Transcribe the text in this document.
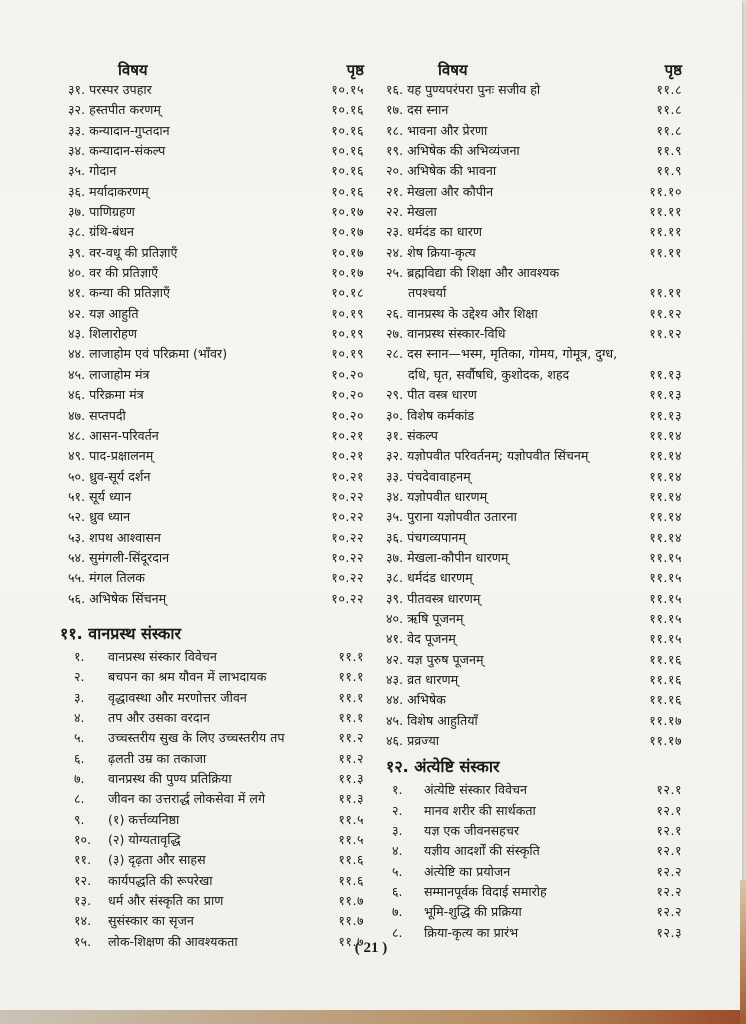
विषय	पृष्ठ
३१. परस्पर उपहार	१०.१५
३२. हस्तपीत करणम्	१०.१६
३३. कन्यादान-गुप्तदान	१०.१६
३४. कन्यादान-संकल्प	१०.१६
३५. गोदान	१०.१६
३६. मर्यादाकरणम्	१०.१६
३७. पाणिग्रहण	१०.१७
३८. ग्रंथि-बंधन	१०.१७
३९. वर-वधू की प्रतिज्ञाएँ	१०.१७
४०. वर की प्रतिज्ञाएँ	१०.१७
४१. कन्या की प्रतिज्ञाएँ	१०.१८
४२. यज्ञ आहुति	१०.१९
४३. शिलारोहण	१०.१९
४४. लाजाहोम एवं परिक्रमा (भाँवर)	१०.१९
४५. लाजाहोम मंत्र	१०.२०
४६. परिक्रमा मंत्र	१०.२०
४७. सप्तपदी	१०.२०
४८. आसन-परिवर्तन	१०.२१
४९. पाद-प्रक्षालनम्	१०.२१
५०. ध्रुव-सूर्य दर्शन	१०.२१
५१. सूर्य ध्यान	१०.२२
५२. ध्रुव ध्यान	१०.२२
५३. शपथ आश्वासन	१०.२२
५४. सुमंगली-सिंदूरदान	१०.२२
५५. मंगल तिलक	१०.२२
५६. अभिषेक सिंचनम्	१०.२२
११. वानप्रस्थ संस्कार
१. वानप्रस्थ संस्कार विवेचन	११.१
२. बचपन का श्रम यौवन में लाभदायक	११.१
३. वृद्धावस्था और मरणोत्तर जीवन	११.१
४. तप और उसका वरदान	११.१
५. उच्चस्तरीय सुख के लिए उच्चस्तरीय तप	११.२
६. ढ़लती उम्र का तकाजा	११.२
७. वानप्रस्थ की पुण्य प्रतिक्रिया	११.३
८. जीवन का उत्तरार्द्ध लोकसेवा में लगे	११.३
९. (१) कर्त्तव्यनिष्ठा	११.५
१०. (२) योग्यतावृद्धि	११.५
११. (३) दृढ़ता और साहस	११.६
१२. कार्यपद्धति की रूपरेखा	११.६
१३. धर्म और संस्कृति का प्राण	११.७
१४. सुसंस्कार का सृजन	११.७
१५. लोक-शिक्षण की आवश्यकता	११.७
विषय	पृष्ठ
१६. यह पुण्यपरंपरा पुनः सजीव हो	११.८
१७. दस स्नान	११.८
१८. भावना और प्रेरणा	११.८
१९. अभिषेक की अभिव्यंजना	११.९
२०. अभिषेक की भावना	११.९
२१. मेखला और कौपीन	११.१०
२२. मेखला	११.११
२३. धर्मदंड का धारण	११.११
२४. शेष क्रिया-कृत्य	११.११
२५. ब्रह्मविद्या की शिक्षा और आवश्यक
तपश्चर्या	११.११
२६. वानप्रस्थ के उद्देश्य और शिक्षा	११.१२
२७. वानप्रस्थ संस्कार-विधि	११.१२
२८. दस स्नान—भस्म, मृतिका, गोमय, गोमूत्र, दुग्ध,
दधि, घृत, सर्वौषधि, कुशोदक, शहद	११.१३
२९. पीत वस्त्र धारण	११.१३
३०. विशेष कर्मकांड	११.१३
३१. संकल्प	११.१४
३२. यज्ञोपवीत परिवर्तनम्; यज्ञोपवीत सिंचनम्	११.१४
३३. पंचदेवावाहनम्	११.१४
३४. यज्ञोपवीत धारणम्	११.१४
३५. पुराना यज्ञोपवीत उतारना	११.१४
३६. पंचगव्यपानम्	११.१४
३७. मेखला-कौपीन धारणम्	११.१५
३८. धर्मदंड धारणम्	११.१५
३९. पीतवस्त्र धारणम्	११.१५
४०. ऋषि पूजनम्	११.१५
४१. वेद पूजनम्	११.१५
४२. यज्ञ पुरुष पूजनम्	११.१६
४३. व्रत धारणम्	११.१६
४४. अभिषेक	११.१६
४५. विशेष आहुतियाँ	११.१७
४६. प्रव्रज्या	११.१७
१२. अंत्येष्टि संस्कार
१. अंत्येष्टि संस्कार विवेचन	१२.१
२. मानव शरीर की सार्थकता	१२.१
३. यज्ञ एक जीवनसहचर	१२.१
४. यज्ञीय आदर्शों की संस्कृति	१२.१
५. अंत्येष्टि का प्रयोजन	१२.२
६. सम्मानपूर्वक विदाई समारोह	१२.२
७. भूमि-शुद्धि की प्रक्रिया	१२.२
८. क्रिया-कृत्य का प्रारंभ	१२.३
( 21 )
